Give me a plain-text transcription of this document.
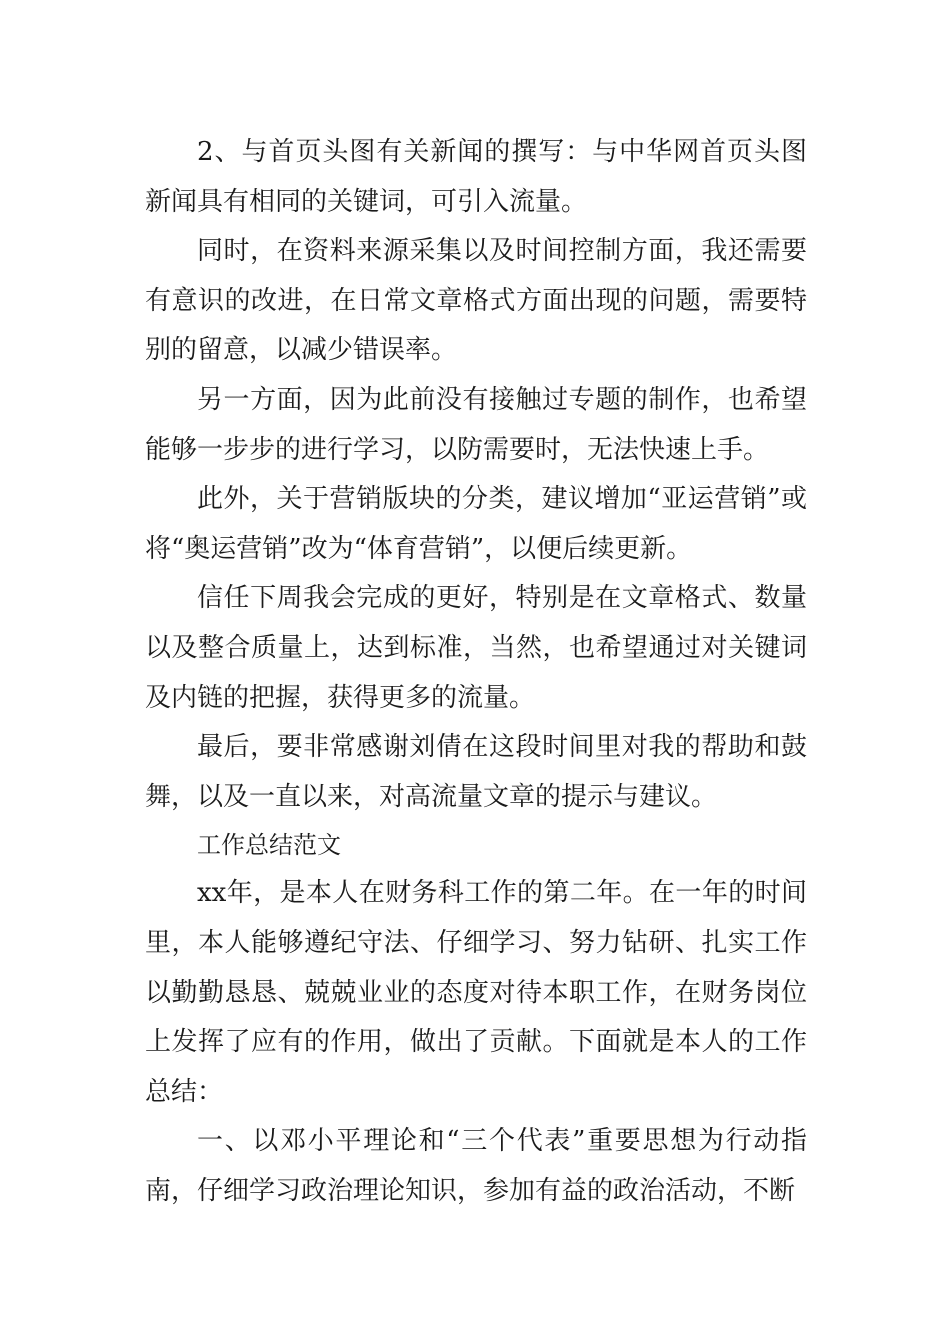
2、与首页头图有关新闻的撰写：与中华网首页头图新闻具有相同的关键词，可引入流量。

同时，在资料来源采集以及时间控制方面，我还需要有意识的改进，在日常文章格式方面出现的问题，需要特别的留意，以减少错误率。

另一方面，因为此前没有接触过专题的制作，也希望能够一步步的进行学习，以防需要时，无法快速上手。

此外，关于营销版块的分类，建议增加“亚运营销”或将“奥运营销”改为“体育营销”，以便后续更新。

信任下周我会完成的更好，特别是在文章格式、数量以及整合质量上，达到标准，当然，也希望通过对关键词及内链的把握，获得更多的流量。

最后，要非常感谢刘倩在这段时间里对我的帮助和鼓舞，以及一直以来，对高流量文章的提示与建议。

工作总结范文

xx年，是本人在财务科工作的第二年。在一年的时间里，本人能够遵纪守法、仔细学习、努力钻研、扎实工作以勤勤恳恳、兢兢业业的态度对待本职工作，在财务岗位上发挥了应有的作用，做出了贡献。下面就是本人的工作总结：

一、以邓小平理论和“三个代表”重要思想为行动指南，仔细学习政治理论知识，参加有益的政治活动，不断
